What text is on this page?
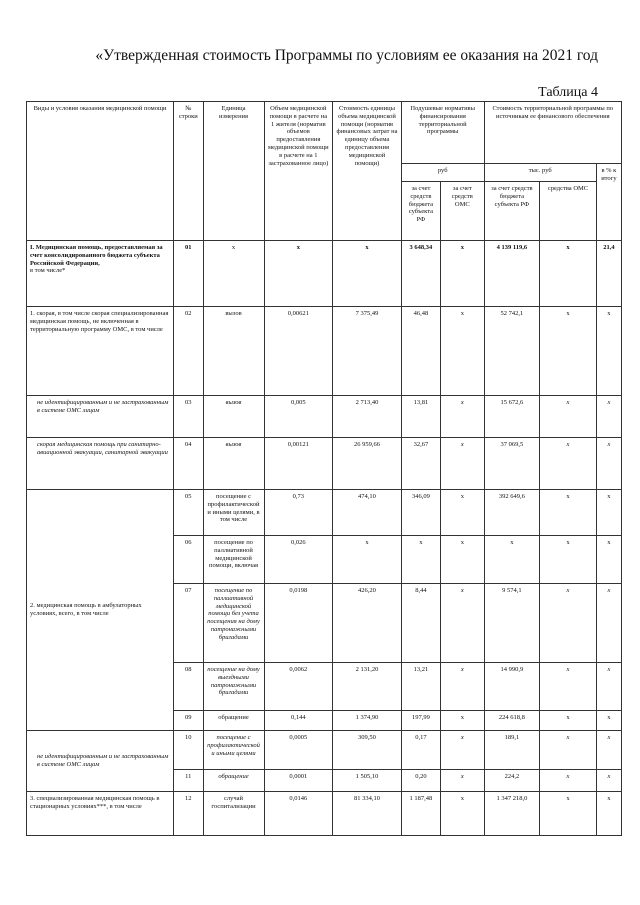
«Утвержденная стоимость Программы по условиям ее оказания на 2021 год
Таблица 4
Виды и условия оказания медицинской помощи	№ строки	Единица измерения	Объем медицинской помощи в расчете на 1 жителя (норматив объемов предоставления медицинской помощи в расчете на 1 застрахованное лицо)	Стоимость единицы объема медицинской помощи (норматив финансовых затрат на единицу объема предоставления медицинской помощи)	Подушевые нормативы финансирования территориальной программы		Стоимость территориальной программы по источникам ее финансового обеспечения		
					руб		тыс. руб		в % к итогу
					за счет средств бюджета субъекта РФ	за счет средств ОМС	за счет средств бюджета субъекта РФ	средства ОМС	
I. Медицинская помощь, предоставляемая за счет консолидированного бюджета субъекта Российской Федерации,
в том числе*	01	х	х	х	3 648,34	х	4 139 119,6	х	21,4
1. скорая, в том числе скорая специализированная медицинская помощь, не включенная в территориальную программу ОМС, в том числе	02	вызов	0,00621	7 375,49	46,48	х	52 742,1	х	х
не идентифицированным и не застрахованным в системе ОМС лицам	03	вызов	0,005	2 713,40	13,81	х	15 672,6	х	х
скорая медицинская помощь при санитарно-авиационной эвакуации, санитарной эвакуации	04	вызов	0,00121	26 959,66	32,67	х	37 069,5	х	х
2. медицинская помощь в амбулаторных условиях, всего, в том числе	05	посещение с профилактической и иными целями, в том числе	0,73	474,10	346,09	х	392 649,6	х	х
	06	посещение по паллиативной медицинской помощи, включая	0,026	х	х	х	х	х	х
	07	посещение по паллиативной медицинской помощи без учета посещения на дому патронажными бригадами	0,0198	426,20	8,44	х	9 574,1	х	х
	08	посещение на дому выездными патронажными бригадами	0,0062	2 131,20	13,21	х	14 990,9	х	х
	09	обращение	0,144	1 374,90	197,99	х	224 618,8	х	х
не идентифицированным и не застрахованным в системе ОМС лицам	10	посещение с профилактической и иными целями	0,0005	309,50	0,17	х	189,1	х	х
	11	обращение	0,0001	1 505,10	0,20	х	224,2	х	х
3. специализированная медицинская помощь в стационарных условиях***, в том числе	12	случай госпитализации	0,0146	81 334,10	1 187,48	х	1 347 218,0	х	х
